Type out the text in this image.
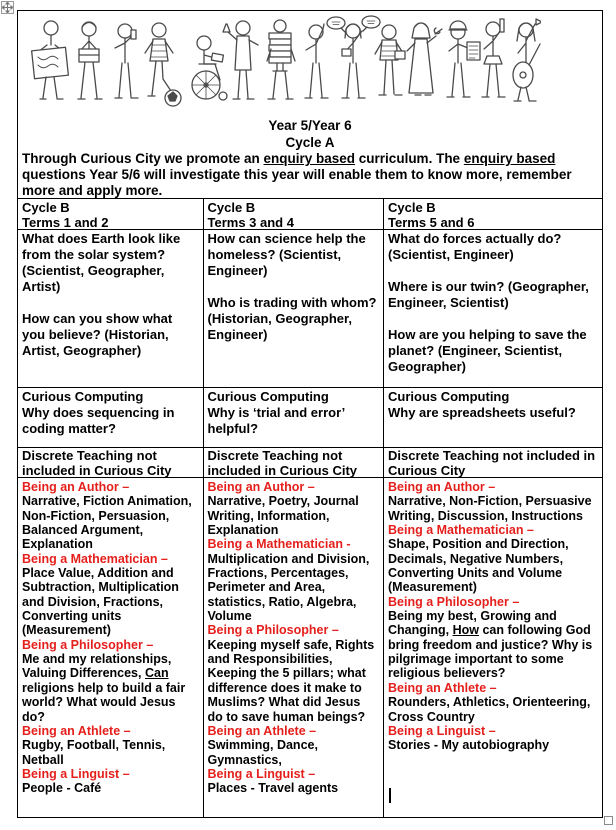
Year 5/Year 6
Cycle A

Through Curious City we promote an enquiry based curriculum. The enquiry based questions Year 5/6 will investigate this year will enable them to know more, remember more and apply more.

Cycle B
Terms 1 and 2
Cycle B
Terms 3 and 4
Cycle B
Terms 5 and 6

What does Earth look like from the solar system? (Scientist, Geographer, Artist)

How can you show what you believe? (Historian, Artist, Geographer)

How can science help the homeless? (Scientist, Engineer)

Who is trading with whom? (Historian, Geographer, Engineer)

What do forces actually do? (Scientist, Engineer)

Where is our twin? (Geographer, Engineer, Scientist)

How are you helping to save the planet? (Engineer, Scientist, Geographer)

Curious Computing
Why does sequencing in coding matter?
Curious Computing
Why is ‘trial and error’ helpful?
Curious Computing
Why are spreadsheets useful?
Discrete Teaching not included in Curious City
Discrete Teaching not included in Curious City
Discrete Teaching not included in Curious City
Being an Author –
Narrative, Fiction Animation, Non-Fiction, Persuasion, Balanced Argument, Explanation
Being a Mathematician –
Place Value, Addition and Subtraction, Multiplication and Division, Fractions, Converting units (Measurement)
Being a Philosopher –
Me and my relationships, Valuing Differences, Can religions help to build a fair world? What would Jesus do?
Being an Athlete –
Rugby, Football, Tennis, Netball
Being a Linguist –
People - Café
Being an Author –
Narrative, Poetry, Journal Writing, Information, Explanation
Being a Mathematician -
Multiplication and Division, Fractions, Percentages, Perimeter and Area, statistics, Ratio, Algebra, Volume
Being a Philosopher –
Keeping myself safe, Rights and Responsibilities, Keeping the 5 pillars; what difference does it make to Muslims? What did Jesus do to save human beings?
Being an Athlete –
Swimming, Dance, Gymnastics,
Being a Linguist –
Places - Travel agents
Being an Author –
Narrative, Non-Fiction, Persuasive Writing, Discussion, Instructions
Being a Mathematician –
Shape, Position and Direction, Decimals, Negative Numbers, Converting Units and Volume (Measurement)
Being a Philosopher –
Being my best, Growing and Changing, How can following God bring freedom and justice? Why is pilgrimage important to some religious believers?
Being an Athlete –
Rounders, Athletics, Orienteering, Cross Country
Being a Linguist –
Stories - My autobiography
